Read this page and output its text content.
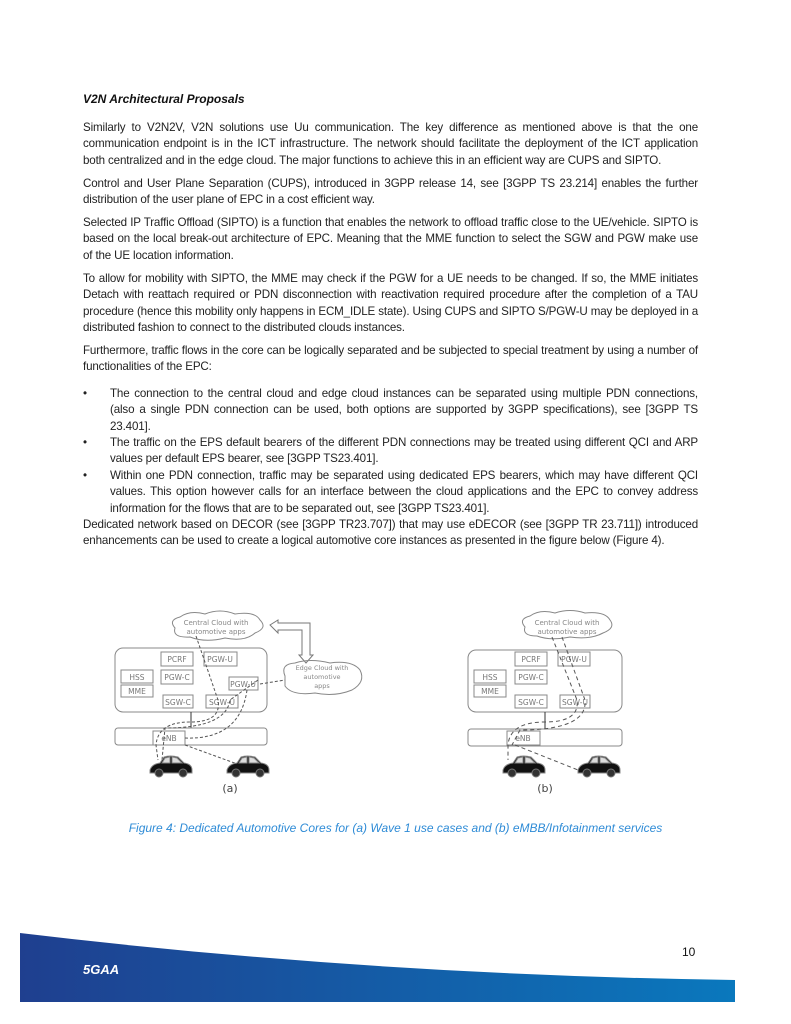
V2N Architectural Proposals

Similarly to V2N2V, V2N solutions use Uu communication. The key difference as mentioned above is that the one communication endpoint is in the ICT infrastructure. The network should facilitate the deployment of the ICT application both centralized and in the edge cloud. The major functions to achieve this in an efficient way are CUPS and SIPTO.

Control and User Plane Separation (CUPS), introduced in 3GPP release 14, see [3GPP TS 23.214] enables the further distribution of the user plane of EPC in a cost efficient way.

Selected IP Traffic Offload (SIPTO) is a function that enables the network to offload traffic close to the UE/vehicle. SIPTO is based on the local break-out architecture of EPC. Meaning that the MME function to select the SGW and PGW make use of the UE location information.

To allow for mobility with SIPTO, the MME may check if the PGW for a UE needs to be changed. If so, the MME initiates Detach with reattach required or PDN disconnection with reactivation required procedure after the completion of a TAU procedure (hence this mobility only happens in ECM_IDLE state). Using CUPS and SIPTO S/PGW-U may be deployed in a distributed fashion to connect to the distributed clouds instances.

Furthermore, traffic flows in the core can be logically separated and be subjected to special treatment by using a number of functionalities of the EPC:

• The connection to the central cloud and edge cloud instances can be separated using multiple PDN connections, (also a single PDN connection can be used, both options are supported by 3GPP specifications), see [3GPP TS 23.401].
• The traffic on the EPS default bearers of the different PDN connections may be treated using different QCI and ARP values per default EPS bearer, see [3GPP TS23.401].
• Within one PDN connection, traffic may be separated using dedicated EPS bearers, which may have different QCI values. This option however calls for an interface between the cloud applications and the EPC to convey address information for the flows that are to be separated out, see [3GPP TS23.401].

Dedicated network based on DECOR (see [3GPP TR23.707]) that may use eDECOR (see [3GPP TR 23.711]) introduced enhancements can be used to create a logical automotive core instances as presented in the figure below (Figure 4).

Central Cloud with
automotive apps
Edge Cloud with
automotive
apps
PCRF	PGW-U
HSS	PGW-C
MME
PGW-U
SGW-C SGW-U
eNB
(a)
Central Cloud with
automotive apps
PCRF	PGW-U
HSS	PGW-C
MME
SGW-C SGW-U
eNB
(b)
Figure 4: Dedicated Automotive Cores for (a) Wave 1 use cases and (b) eMBB/Infotainment services
5GAA
10
